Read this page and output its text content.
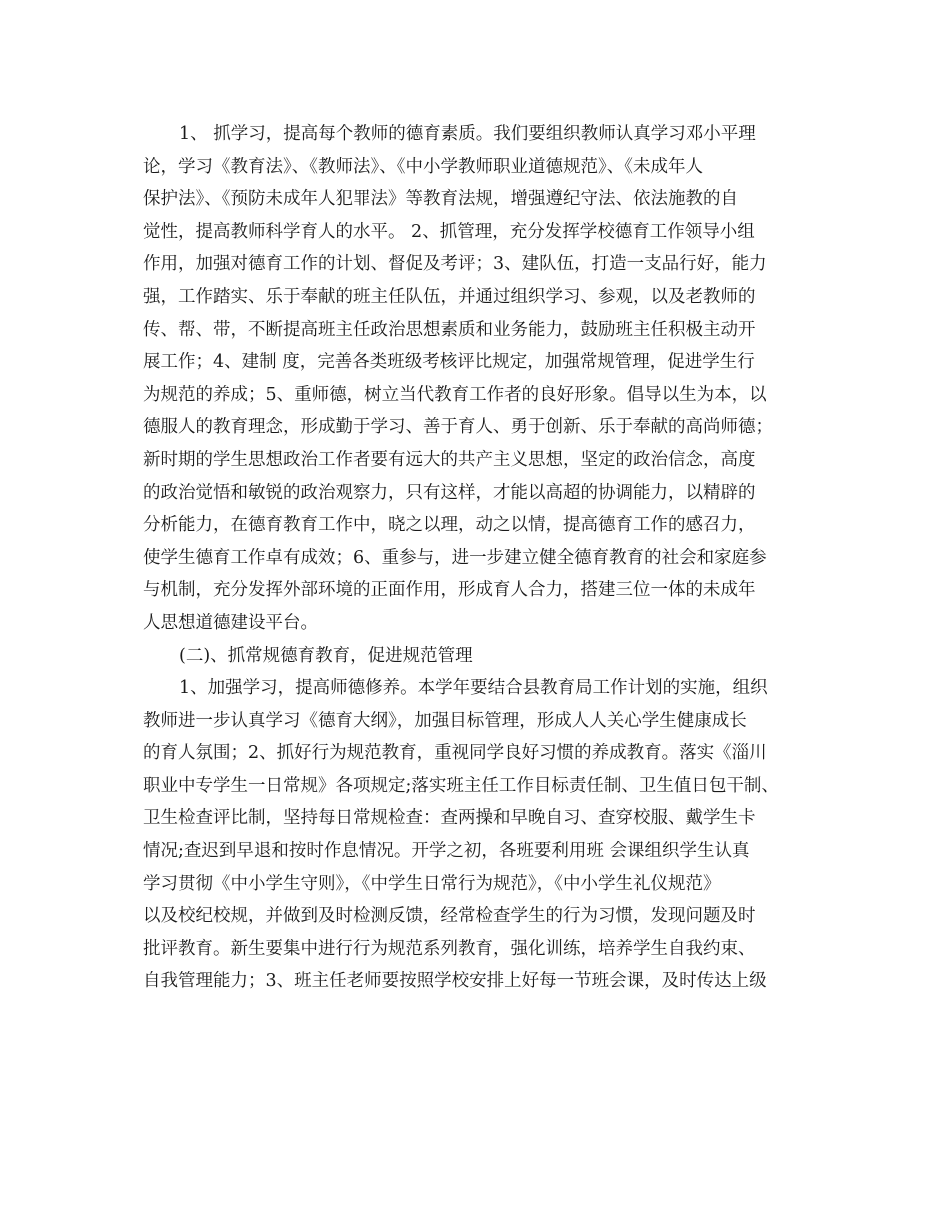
1、 抓学习，提高每个教师的德育素质。我们要组织教师认真学习邓小平理
论，学习《教育法》、《教师法》、《中小学教师职业道德规范》、《未成年人
保护法》、《预防未成年人犯罪法》等教育法规，增强遵纪守法、依法施教的自
觉性，提高教师科学育人的水平。 2、抓管理，充分发挥学校德育工作领导小组
作用，加强对德育工作的计划、督促及考评；3、建队伍，打造一支品行好，能力
强，工作踏实、乐于奉献的班主任队伍，并通过组织学习、参观，以及老教师的
传、帮、带，不断提高班主任政治思想素质和业务能力，鼓励班主任积极主动开
展工作；4、建制 度，完善各类班级考核评比规定，加强常规管理，促进学生行
为规范的养成；5、重师德，树立当代教育工作者的良好形象。倡导以生为本，以
德服人的教育理念，形成勤于学习、善于育人、勇于创新、乐于奉献的高尚师德；
新时期的学生思想政治工作者要有远大的共产主义思想，坚定的政治信念，高度
的政治觉悟和敏锐的政治观察力，只有这样，才能以高超的协调能力，以精辟的
分析能力，在德育教育工作中，晓之以理，动之以情，提高德育工作的感召力，
使学生德育工作卓有成效；6、重参与，进一步建立健全德育教育的社会和家庭参
与机制，充分发挥外部环境的正面作用，形成育人合力，搭建三位一体的未成年
人思想道德建设平台。
(二)、抓常规德育教育，促进规范管理
1、加强学习，提高师德修养。本学年要结合县教育局工作计划的实施，组织
教师进一步认真学习《德育大纲》，加强目标管理，形成人人关心学生健康成长
的育人氛围；2、抓好行为规范教育，重视同学良好习惯的养成教育。落实《淄川
职业中专学生一日常规》各项规定;落实班主任工作目标责任制、卫生值日包干制、
卫生检查评比制，坚持每日常规检查：查两操和早晚自习、查穿校服、戴学生卡
情况;查迟到早退和按时作息情况。开学之初，各班要利用班 会课组织学生认真
学习贯彻《中小学生守则》，《中学生日常行为规范》，《中小学生礼仪规范》
以及校纪校规，并做到及时检测反馈，经常检查学生的行为习惯，发现问题及时
批评教育。新生要集中进行行为规范系列教育，强化训练，培养学生自我约束、
自我管理能力；3、班主任老师要按照学校安排上好每一节班会课，及时传达上级
